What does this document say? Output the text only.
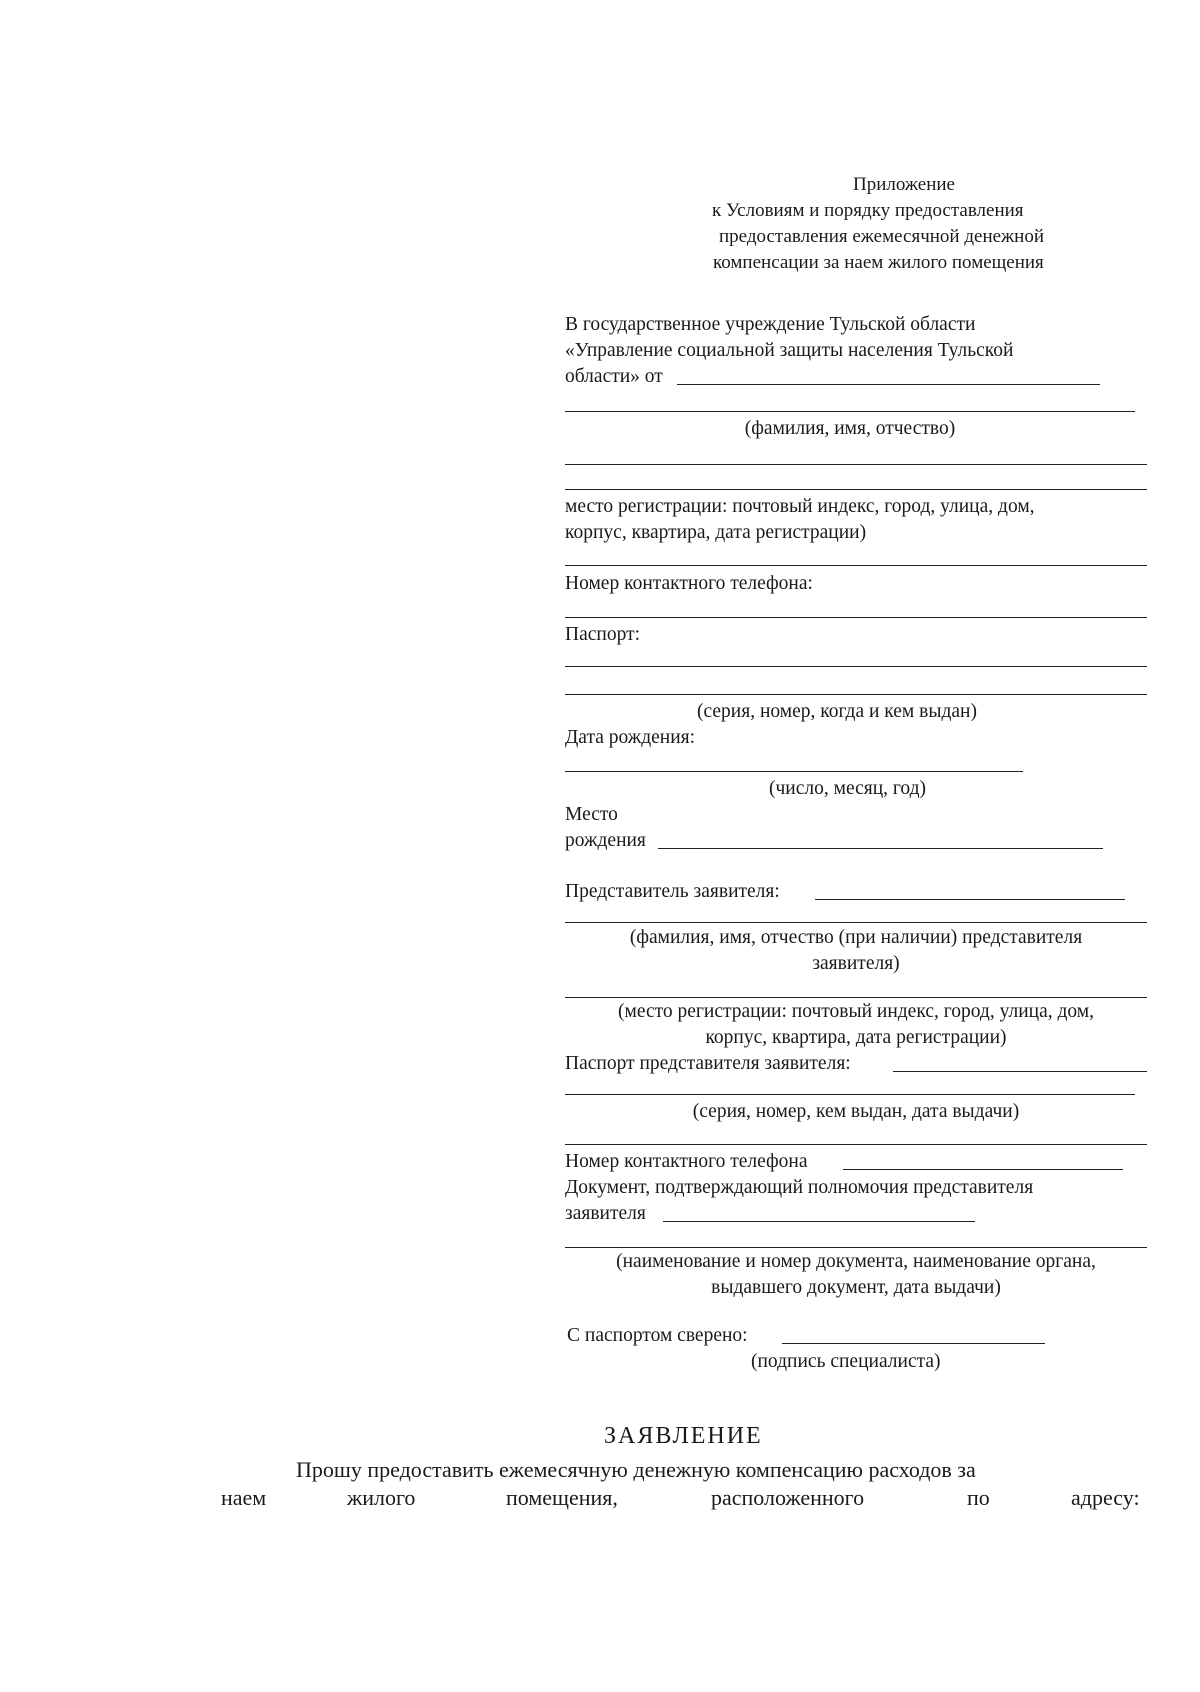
Приложение
к Условиям и порядку предоставления
предоставления ежемесячной денежной
компенсации за наем жилого помещения
В государственное учреждение Тульской области
«Управление социальной защиты населения Тульской
области» от
(фамилия, имя, отчество)
место регистрации: почтовый индекс, город, улица, дом,
корпус, квартира, дата регистрации)
Номер контактного телефона:
Паспорт:
(серия, номер, когда и кем выдан)
Дата рождения:
(число, месяц, год)
Место
рождения
Представитель заявителя:
(фамилия, имя, отчество (при наличии) представителя
заявителя)
(место регистрации: почтовый индекс, город, улица, дом,
корпус, квартира, дата регистрации)
Паспорт представителя заявителя:
(серия, номер, кем выдан, дата выдачи)
Номер контактного телефона
Документ, подтверждающий полномочия представителя
заявителя
(наименование и номер документа, наименование органа,
выдавшего документ, дата выдачи)
С паспортом сверено:
(подпись специалиста)
ЗАЯВЛЕНИЕ
Прошу предоставить ежемесячную денежную компенсацию расходов за
наем	жилого	помещения,	расположенного	по	адресу:
